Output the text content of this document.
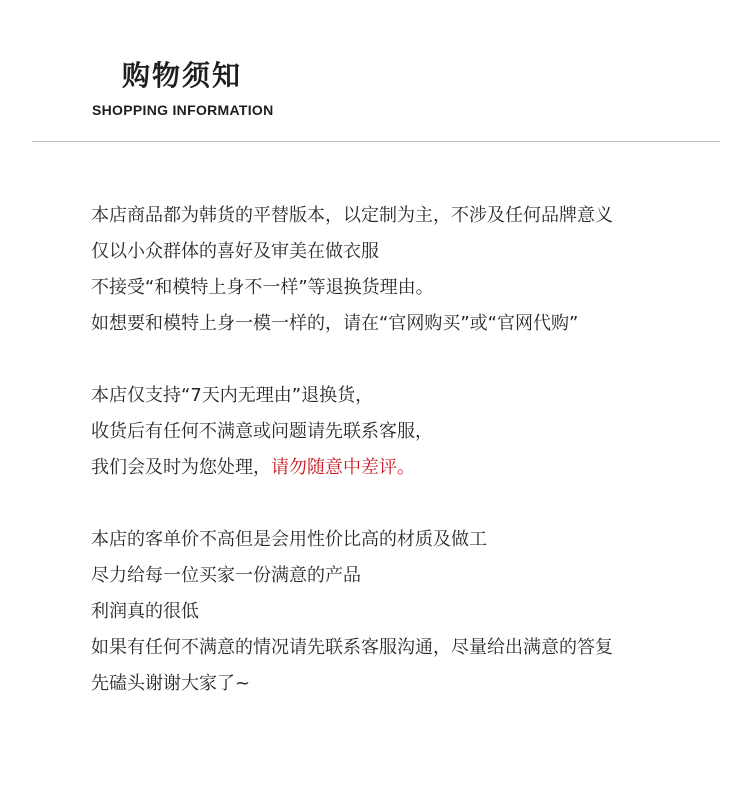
购物须知
SHOPPING INFORMATION
本店商品都为韩货的平替版本，以定制为主，不涉及任何品牌意义
仅以小众群体的喜好及审美在做衣服
不接受“和模特上身不一样”等退换货理由。
如想要和模特上身一模一样的，请在“官网购买”或“官网代购”
本店仅支持“7天内无理由”退换货，
收货后有任何不满意或问题请先联系客服，
我们会及时为您处理，请勿随意中差评。
本店的客单价不高但是会用性价比高的材质及做工
尽力给每一位买家一份满意的产品
利润真的很低
如果有任何不满意的情况请先联系客服沟通，尽量给出满意的答复
先磕头谢谢大家了~
